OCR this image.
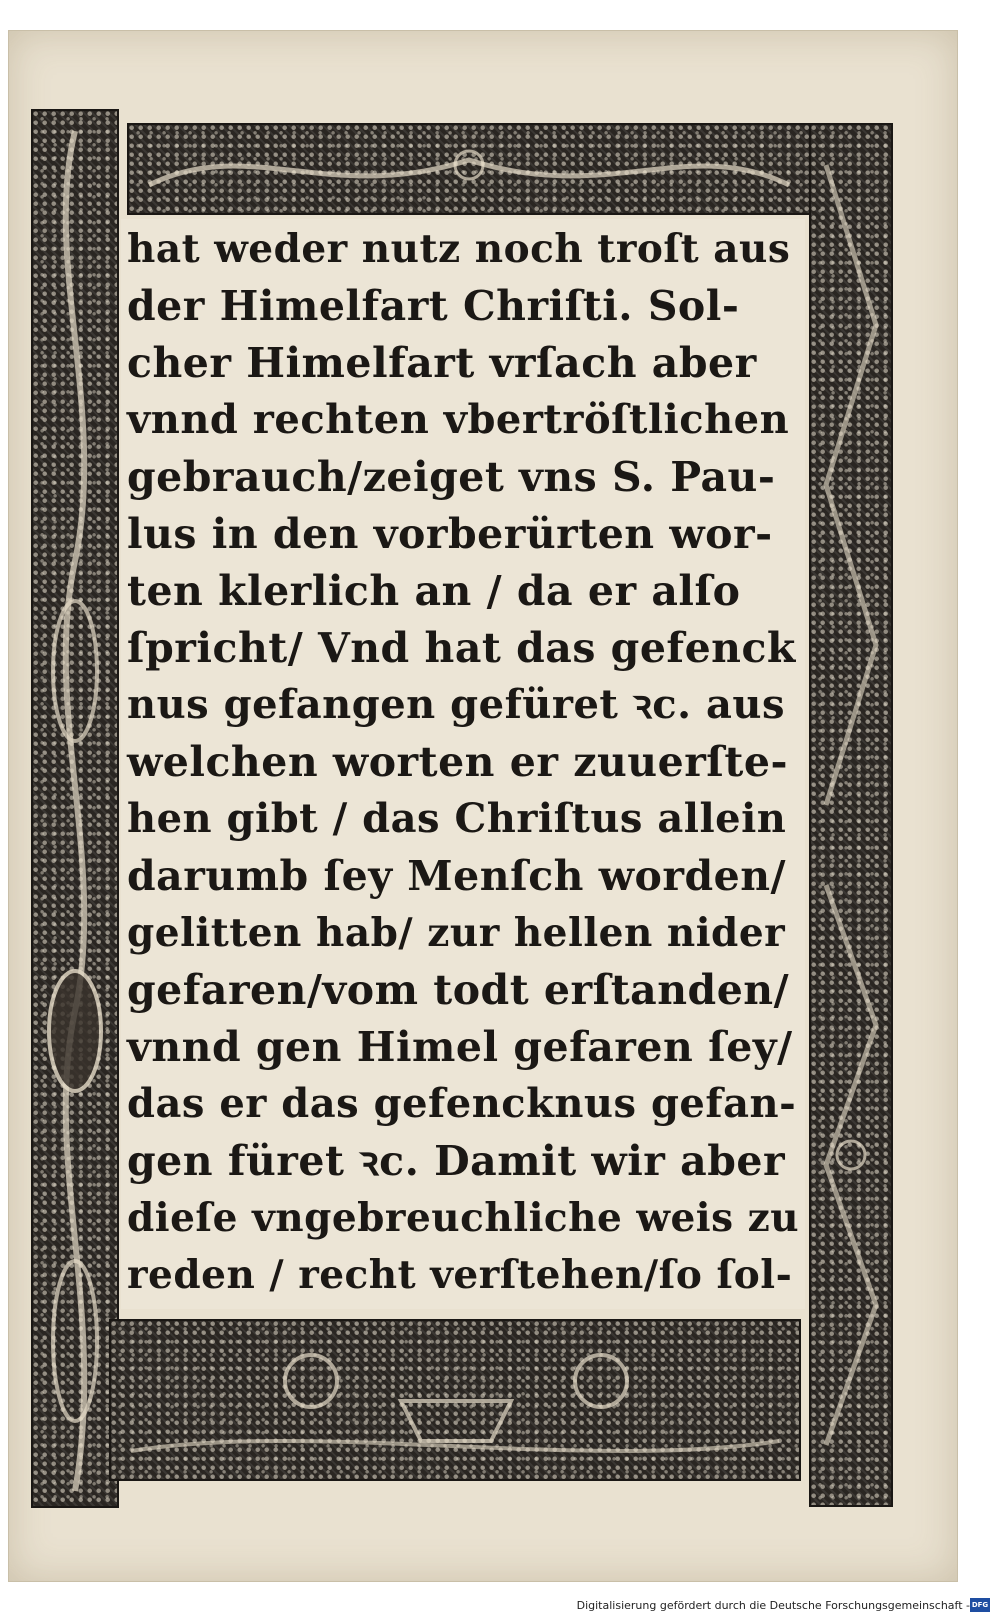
hat weder nutz noch troſt aus
der Himelfart Chriſti. Sol-
cher Himelfart vrſach aber
vnnd rechten vbertröſtlichen
gebrauch/zeiget vns S. Pau-
lus in den vorberürten wor-
ten klerlich an / da er alſo
ſpricht/ Vnd hat das gefenck
nus gefangen gefüret ꝛc. aus
welchen worten er zuuerſte-
hen gibt / das Chriſtus allein
darumb ſey Menſch worden/
gelitten hab/ zur hellen nider
gefaren/vom todt erſtanden/
vnnd gen Himel gefaren ſey/
das er das gefencknus gefan-
gen füret ꝛc. Damit wir aber
dieſe vngebreuchliche weis zu
reden / recht verſtehen/ſo ſol-
Digitalisierung gefördert durch die Deutsche Forschungsgemeinschaft - DFG
